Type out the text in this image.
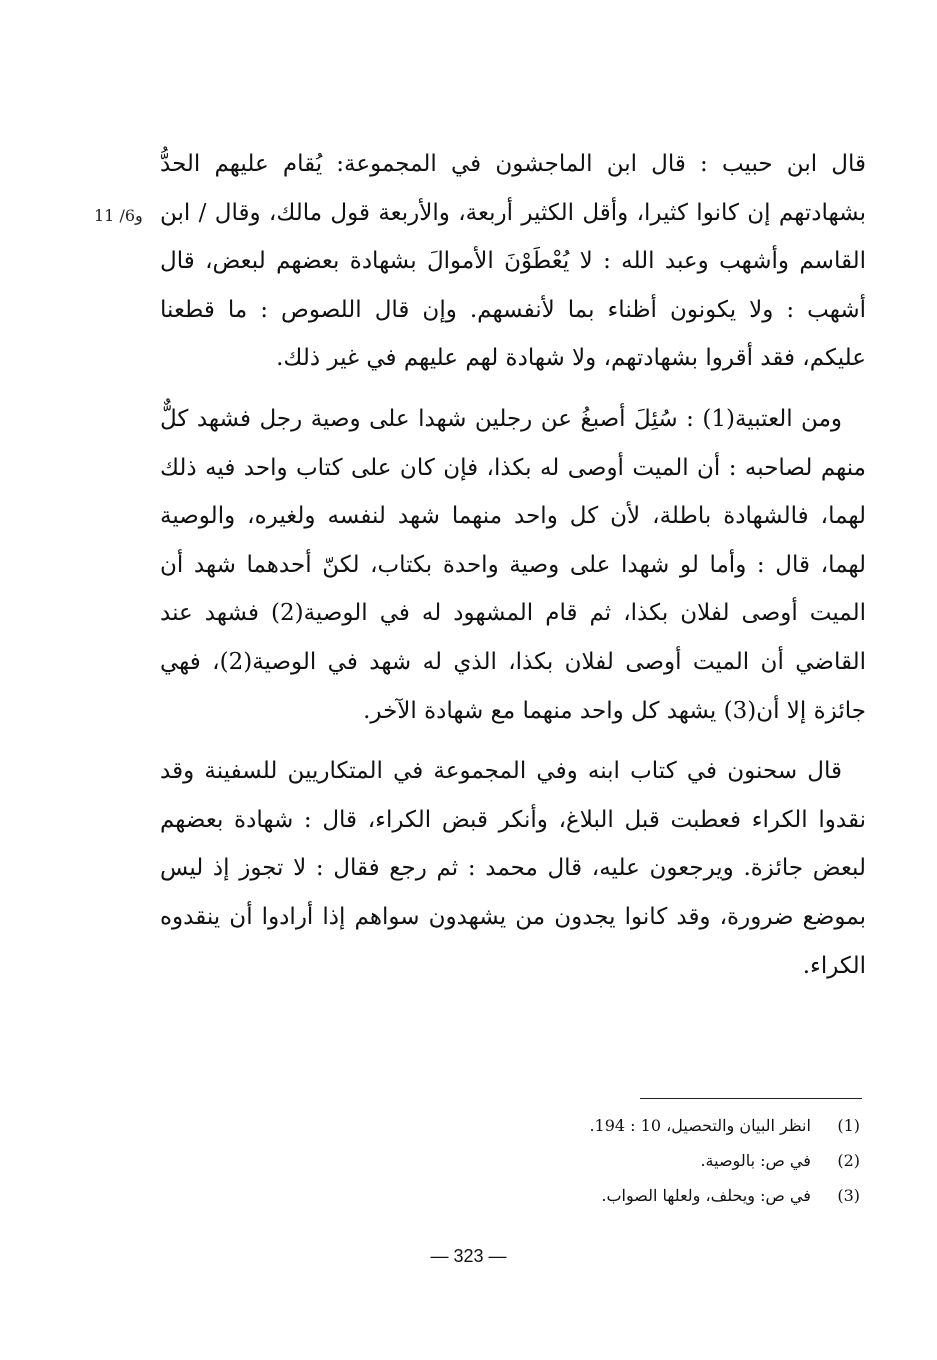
11 /6و

قال ابن حبيب : قال ابن الماجشون في المجموعة: يُقام عليهم الحدُّ بشهادتهم إن كانوا كثيرا، وأقل الكثير أربعة، والأربعة قول مالك، وقال / ابن القاسم وأشهب وعبد الله : لا يُعْطَوْنَ الأموالَ بشهادة بعضهم لبعض، قال أشهب : ولا يكونون أظناء بما لأنفسهم. وإن قال اللصوص : ما قطعنا عليكم، فقد أقروا بشهادتهم، ولا شهادة لهم عليهم في غير ذلك.

ومن العتبية(1) : سُئِلَ أصبغُ عن رجلين شهدا على وصية رجل فشهد كلٌّ منهم لصاحبه : أن الميت أوصى له بكذا، فإن كان على كتاب واحد فيه ذلك لهما، فالشهادة باطلة، لأن كل واحد منهما شهد لنفسه ولغيره، والوصية لهما، قال : وأما لو شهدا على وصية واحدة بكتاب، لكنّ أحدهما شهد أن الميت أوصى لفلان بكذا، ثم قام المشهود له في الوصية(2) فشهد عند القاضي أن الميت أوصى لفلان بكذا، الذي له شهد في الوصية(2)، فهي جائزة إلا أن(3) يشهد كل واحد منهما مع شهادة الآخر.

قال سحنون في كتاب ابنه وفي المجموعة في المتكاريين للسفينة وقد نقدوا الكراء فعطبت قبل البلاغ، وأنكر قبض الكراء، قال : شهادة بعضهم لبعض جائزة. ويرجعون عليه، قال محمد : ثم رجع فقال : لا تجوز إذ ليس بموضع ضرورة، وقد كانوا يجدون من يشهدون سواهم إذا أرادوا أن ينقدوه الكراء.

(1) انظر البيان والتحصيل، 10 : 194.
(2) في ص: بالوصية.
(3) في ص: ويحلف، ولعلها الصواب.
— 323 —
